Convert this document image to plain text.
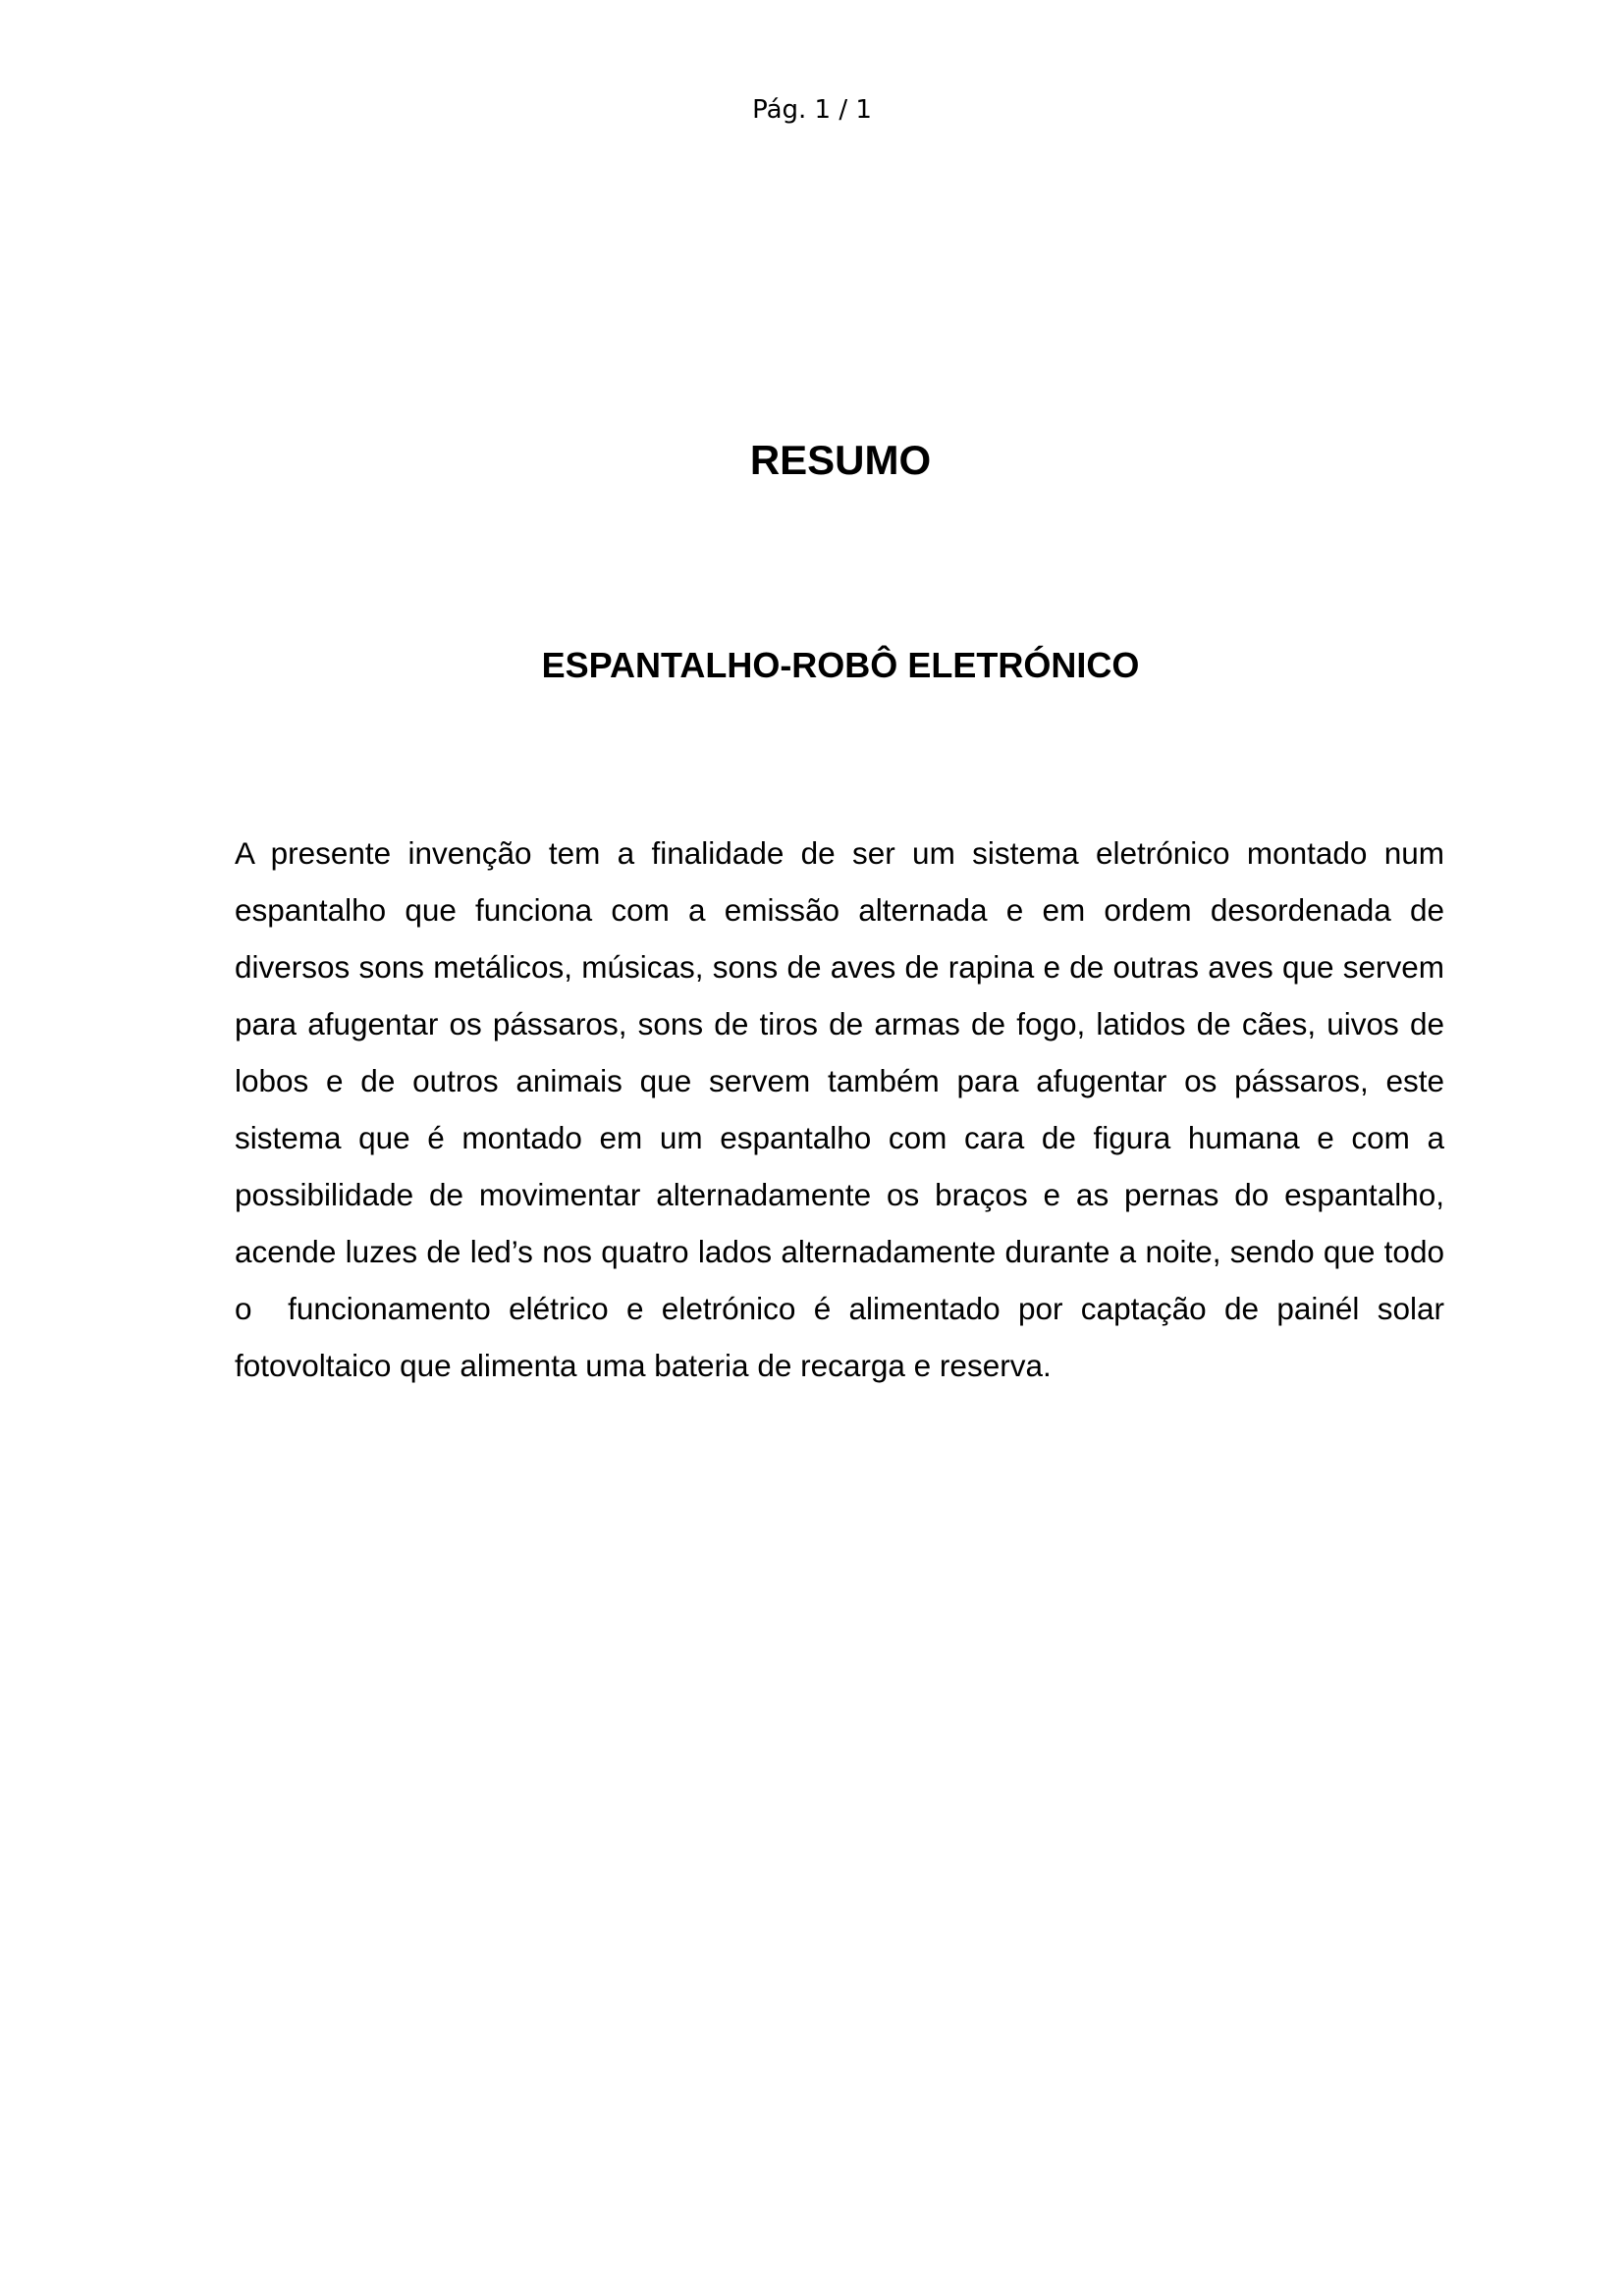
Pág. 1 / 1
RESUMO
ESPANTALHO-ROBÔ ELETRÓNICO

A presente invenção tem a finalidade de ser um sistema eletrónico montado num espantalho que funciona com a emissão alternada e em ordem desordenada de diversos sons metálicos, músicas, sons de aves de rapina e de outras aves que servem para afugentar os pássaros, sons de tiros de armas de fogo, latidos de cães, uivos de lobos e de outros animais que servem também para afugentar os pássaros, este sistema que é montado em um espantalho com cara de figura humana e com a possibilidade de movimentar alternadamente os braços e as pernas do espantalho, acende luzes de led’s nos quatro lados alternadamente durante a noite, sendo que todo o  funcionamento elétrico e eletrónico é alimentado por captação de painél solar fotovoltaico que alimenta uma bateria de recarga e reserva.
